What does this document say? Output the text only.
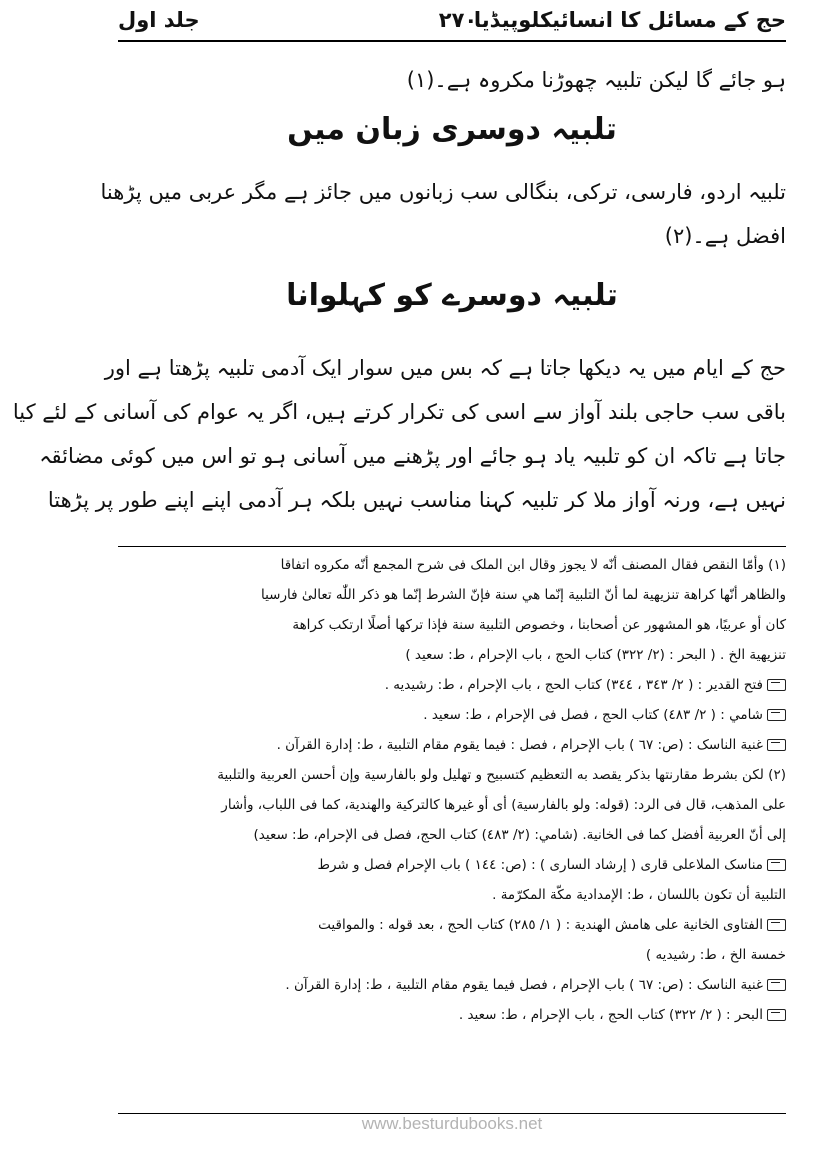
حج کے مسائل کا انسائیکلوپیڈیا
۲۷۰
جلد اول
ہو جائے گا لیکن تلبیہ چھوڑنا مکروہ ہے۔(۱)
تلبیہ دوسری زبان میں
تلبیہ اردو، فارسی، ترکی، بنگالی سب زبانوں میں جائز ہے مگر عربی میں پڑھنا
افضل ہے۔(۲)
تلبیہ دوسرے کو کہلوانا
حج کے ایام میں یہ دیکھا جاتا ہے کہ بس میں سوار ایک آدمی تلبیہ پڑھتا ہے اور
باقی سب حاجی بلند آواز سے اسی کی تکرار کرتے ہیں، اگر یہ عوام کی آسانی کے لئے کیا
جاتا ہے تاکہ ان کو تلبیہ یاد ہو جائے اور پڑھنے میں آسانی ہو تو اس میں کوئی مضائقہ
نہیں ہے، ورنہ آواز ملا کر تلبیہ کہنا مناسب نہیں بلکہ ہر آدمی اپنے اپنے طور پر پڑھتا
(١) وأمّا النقص فقال المصنف أنّه لا يجوز وقال ابن الملک فی شرح المجمع أنّه مکروه اتفاقا
والظاهر أنّها کراهة تنزيهية لما أنّ التلبية إنّما هي سنة فإنّ الشرط إنّما هو ذکر اللّٰه تعالیٰ فارسيا
کان أو عربيًا، هو المشهور عن أصحابنا ، وخصوص التلبية سنة فإذا ترکها أصلًا ارتکب کراهة
تنزيهية الخ . ( البحر : (٢/ ٣٢٢) کتاب الحج ، باب الإحرام ، ط: سعيد )
فتح القدير : ( ٢/ ٣٤٣ ، ٣٤٤) کتاب الحج ، باب الإحرام ، ط: رشيديه .
شامي : ( ٢/ ٤٨٣) کتاب الحج ، فصل فی الإحرام ، ط: سعيد .
غنية الناسک : (ص: ٦٧ ) باب الإحرام ، فصل : فيما يقوم مقام التلبية ، ط: إدارة القرآن .
(٢) لکن بشرط مقارنتها بذکر يقصد به التعظيم کتسبيح و تهليل ولو بالفارسية وإن أحسن العربية والتلبية
علی المذهب، قال فی الرد: (قوله: ولو بالفارسية) أی أو غيرها کالترکية والهندية، کما فی اللباب، وأشار
إلى أنّ العربية أفضل کما فی الخانية. (شامي: (٢/ ٤٨٣) کتاب الحج، فصل فی الإحرام، ط: سعيد)
مناسک الملاعلی قاری ( إرشاد الساری ) : (ص: ١٤٤ ) باب الإحرام فصل و شرط
التلبية أن تکون باللسان ، ط: الإمدادية مکّة المکرّمة .
الفتاوی الخانية علی هامش الهندية : ( ١/ ٢٨٥) کتاب الحج ، بعد قوله : والمواقيت
خمسة الخ ، ط: رشيديه )
غنية الناسک : (ص: ٦٧ ) باب الإحرام ، فصل فيما يقوم مقام التلبية ، ط: إدارة القرآن .
البحر : ( ٢/ ٣٢٢) کتاب الحج ، باب الإحرام ، ط: سعيد .
www.besturdubooks.net
